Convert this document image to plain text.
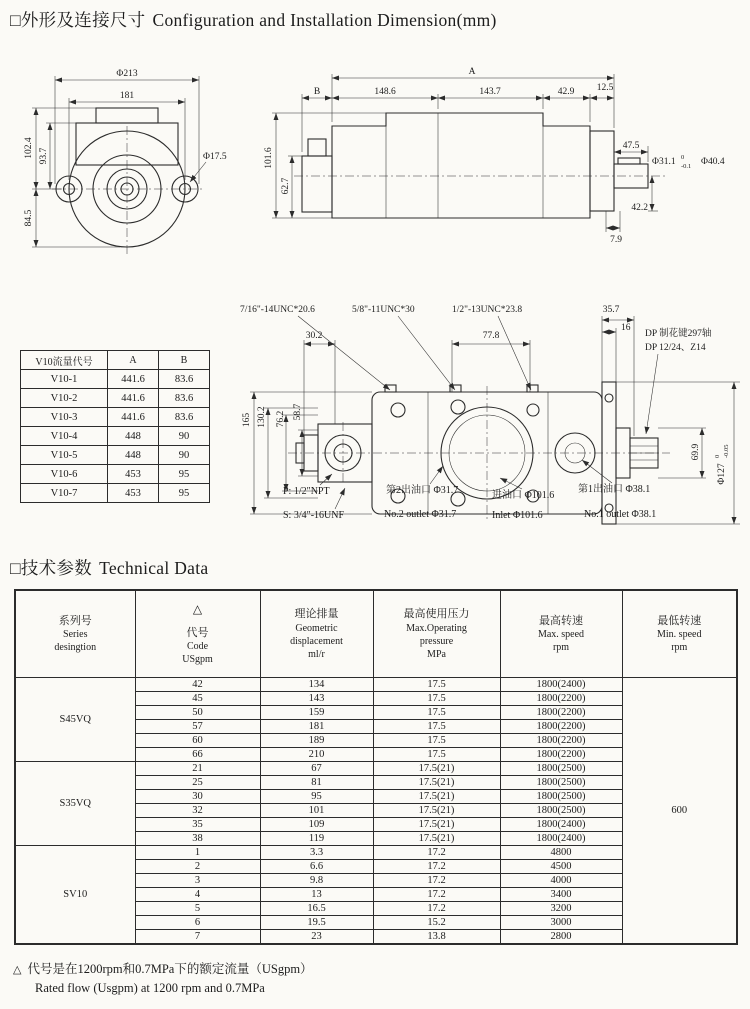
□外形及连接尺寸 Configuration and Installation Dimension(mm)
Φ213
181
102.4 93.7
84.5
Φ17.5
A
B	148.6	143.7	42.9 12.5
101.6
62.7
47.5
Φ31.1 0
-0.1 Φ40.4
42.2
7.9
7/16"-14UNC*20.6	5/8"-11UNC*30	1/2"-13UNC*23.8	35.7
16
DP 制花键297轴
DP 12/24、Z14
30.2	77.8
165 130.2 76.2 58.7
69.9
Φ127
0 -0.05
P: 1/2"NPT
S: 3/4"-16UNF
第2出油口 Φ31.7
No.2 outlet Φ31.7
进油口 Φ101.6
Inlet Φ101.6
第1出油口 Φ38.1
No.1 outlet Φ38.1
V10流量代号	A	B
V10-1	441.6	83.6
V10-2	441.6	83.6
V10-3	441.6	83.6
V10-4	448	90
V10-5	448	90
V10-6	453	95
V10-7	453	95
□技术参数 Technical Data
系列号
Series
desingtion

△
代号
Code
USgpm

理论排量
Geometric
displacement
ml/r

最高使用压力
Max.Operating
pressure
MPa

最高转速
Max. speed
rpm

最低转速
Min. speed
rpm

S45VQ	42	134	17.5	1800(2400)	600
	45	143	17.5	1800(2200)	
	50	159	17.5	1800(2200)	
	57	181	17.5	1800(2200)	
	60	189	17.5	1800(2200)	
	66	210	17.5	1800(2200)	
S35VQ	21	67	17.5(21)	1800(2500)	
	25	81	17.5(21)	1800(2500)	
	30	95	17.5(21)	1800(2500)	
	32	101	17.5(21)	1800(2500)	
	35	109	17.5(21)	1800(2400)	
	38	119	17.5(21)	1800(2400)	
SV10	1	3.3	17.2	4800	
	2	6.6	17.2	4500	
	3	9.8	17.2	4000	
	4	13	17.2	3400	
	5	16.5	17.2	3200	
	6	19.5	15.2	3000	
	7	23	13.8	2800	
△ 代号是在1200rpm和0.7MPa下的额定流量（USgpm）
Rated flow (Usgpm) at 1200 rpm and 0.7MPa
